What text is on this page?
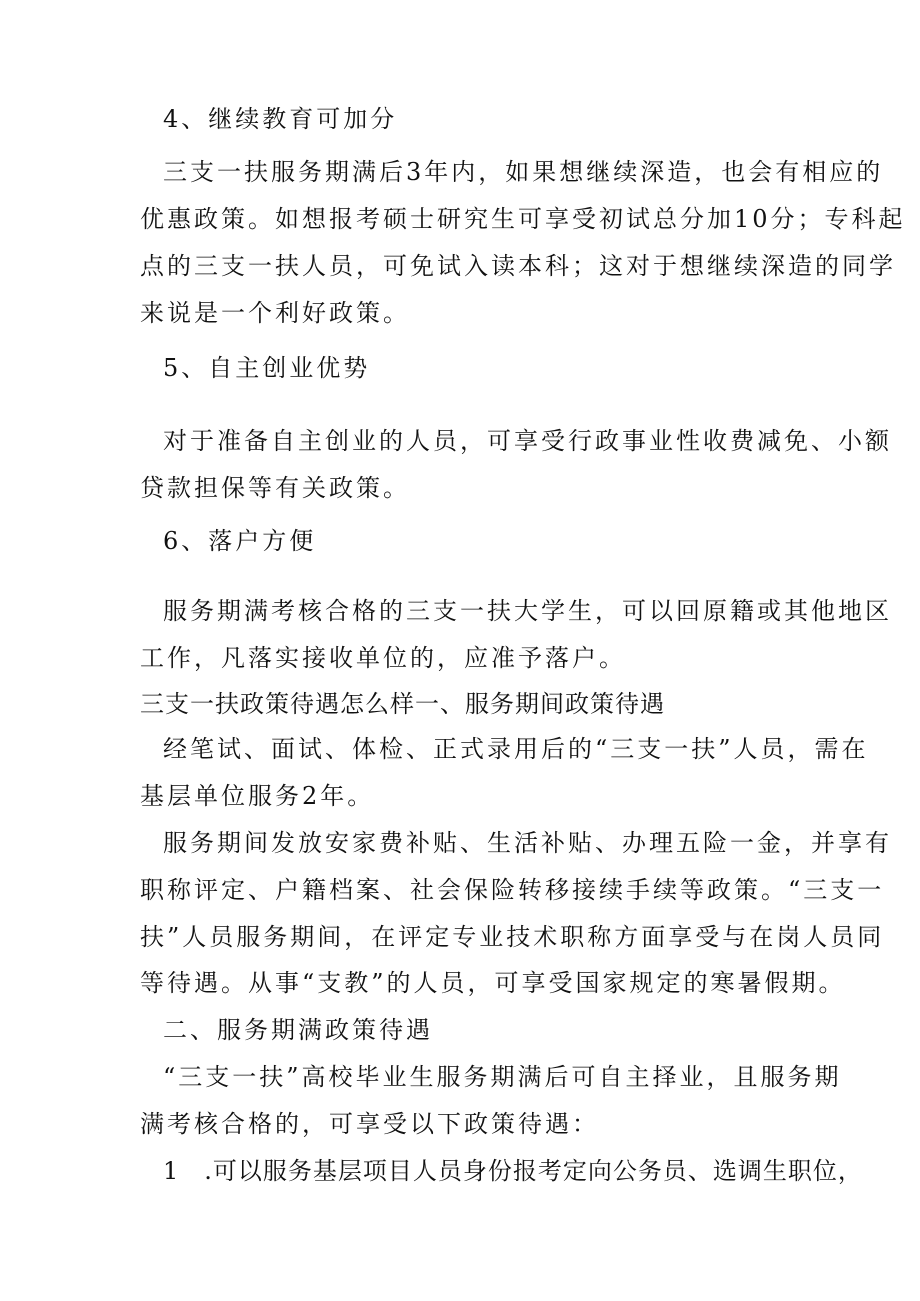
4、继续教育可加分
三支一扶服务期满后3年内，如果想继续深造，也会有相应的
优惠政策。如想报考硕士研究生可享受初试总分加10分；专科起
点的三支一扶人员，可免试入读本科；这对于想继续深造的同学
来说是一个利好政策。
5、自主创业优势
对于准备自主创业的人员，可享受行政事业性收费减免、小额
贷款担保等有关政策。
6、落户方便
服务期满考核合格的三支一扶大学生，可以回原籍或其他地区
工作，凡落实接收单位的，应准予落户。
三支一扶政策待遇怎么样一、服务期间政策待遇
经笔试、面试、体检、正式录用后的“三支一扶”人员，需在
基层单位服务2年。
服务期间发放安家费补贴、生活补贴、办理五险一金，并享有
职称评定、户籍档案、社会保险转移接续手续等政策。“三支一
扶”人员服务期间，在评定专业技术职称方面享受与在岗人员同
等待遇。从事“支教”的人员，可享受国家规定的寒暑假期。
二、服务期满政策待遇
“三支一扶”高校毕业生服务期满后可自主择业，且服务期
满考核合格的，可享受以下政策待遇：
1　.可以服务基层项目人员身份报考定向公务员、选调生职位，
